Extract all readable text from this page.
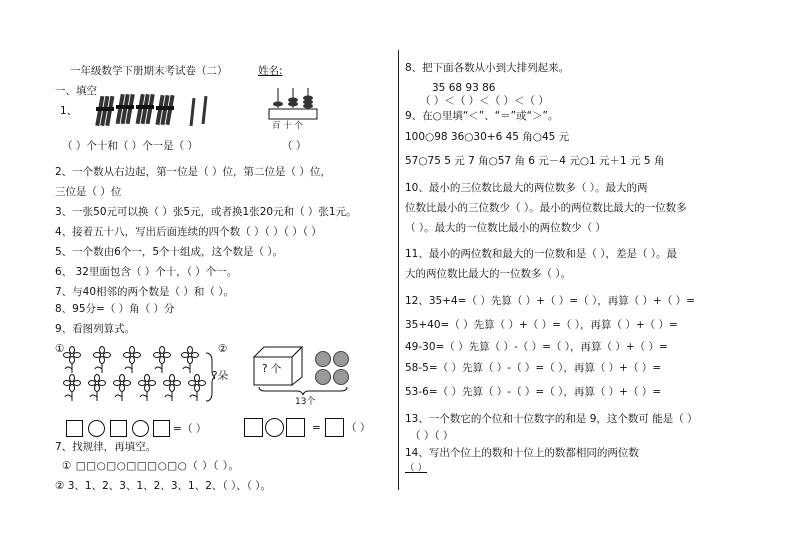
一年级数学下册期末考试卷（二）	姓名:
一、填空
1、
百 十 个
（ ）个十和（ ）个一是（ ）	（ ）
2、一个数从右边起，第一位是（ ）位，第二位是（ ）位，
三位是（ ）位
3、一张50元可以换（ ）张5元，或者换1张20元和（ ）张1元。
4、接着五十八，写出后面连续的四个数（ ）（ ）（ ）（ ）
5、一个数由6个一，5个十组成，这个数是（ ）。
6、 32里面包含（ ）个十，（ ）个一。
7、与40相邻的两个数是（ ）和（ ）。
8、95分=（ ）角（ ）分
9、看图列算式。
①
?朵
②
? 个
13个
= （ ）	= （ ）
7、找规律，再填空。
① □□○□○□□□○□○（ ）（ ）。
② 3、1、2、3、1、2、3、1、2、（ ）、（ ）。
8、把下面各数从小到大排列起来。
35 68 93 86
（ ）＜（ ）＜（ ）＜（ ）
9、在○里填“＜”、“＝”或“＞”。
100○98 36○30+6 45 角○45 元
57○75 5 元 7 角○57 角 6 元－4 元○1 元＋1 元 5 角
10、最小的三位数比最大的两位数多（ ）。最大的两
位数比最小的三位数少（ ）。最小的两位数比最大的一位数多
（ ）。最大的一位数比最小的两位数少（ ）
11、最小的两位数和最大的一位数和是（ ），差是（ ）。最
大的两位数比最大的一位数多（ ）。
12、35+4=（ ）先算（ ）+（ ）=（ ），再算（ ）+（ ）=
35+40=（ ）先算（ ）+（ ）=（ ），再算（ ）+（ ）=
49-30=（ ）先算（ ）-（ ）=（ ），再算（ ）+（ ）=
58-5=（ ）先算（ ）-（ ）=（ ），再算（ ）+（ ）=
53-6=（ ）先算（ ）-（ ）=（ ），再算（ ）+（ ）=
13、一个数它的个位和十位数字的和是 9，这个数可 能是（ ）
（ ）（ ）
14、写出个位上的数和十位上的数都相同的两位数
（ ）
